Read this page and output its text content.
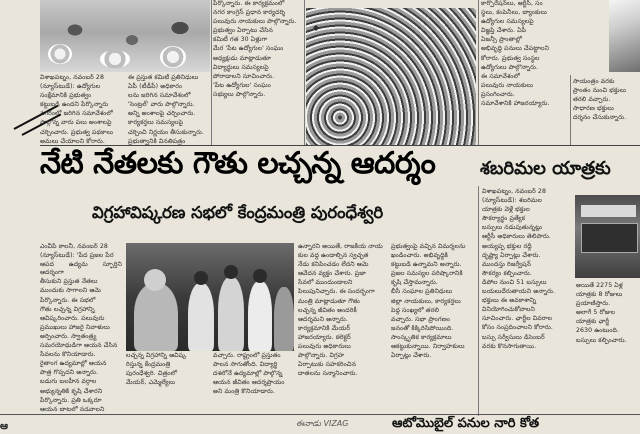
విశాఖపట్నం, నవంబర్ 28

(న్యూస్‌టుడే): ఉద్యోగుల

సంక్షేమానికి ప్రభుత్వం

కట్టుబడి ఉందని పేర్కొన్నారు

నగరంలో జరిగిన సమావేశంలో

పాల్గొన్న వారు పలు అంశాలపై

చర్చించారు. ప్రభుత్వ పథకాలు

అమలు చేయాలని కోరారు.

పేర్కొన్నారు. ఈ కార్యక్రమంలో

నగర కాంగ్రెస్ ప్రధాన కార్యదర్శి

పలువురు నాయకులు పాల్గొన్నారు.

ప్రభుత్వం ఏర్పాటు చేసిన

కమిటీ గత 30 ఏళ్లుగా

మేర 'పేట ఉద్యోగుల' సంఘం

అధ్యక్షుడు మాట్లాడుతూ

విద్యార్థులు సమస్యలపై

పోరాడాలని సూచించారు.

'పేట ఉద్యోగుల' సంఘం

సభ్యులు పాల్గొన్నారు.

ఈ ప్రస్తుత కమిటీ ప్రతినిధులు

ఏపీ (టీడీపీ) అధికారం

లను జరిగిన సమావేశంలో

'సెంట్రల్' వారు పాల్గొన్నారు.

అన్ని అంశాలపై చర్చించారు.

కార్యకర్తలు సమస్యలపై

చర్చించి నిర్ణయం తీసుకున్నారు.

ప్రభుత్వానికి వినతిపత్రం

కార్పొరేషన్‌లు, ఆర్టీసీ, సం

స్థలు, కంపెనీలు, బ్యాంకులు

ఉద్యోగుల సమస్యలపై

విజ్ఞప్తి చేశారు. ఏపీ

ఏజన్సీ ప్రాంతాల్లో

అభివృద్ధి పనులు చేపట్టాలని

కోరారు. ప్రభుత్వ సంస్థల

ఉద్యోగులు పాల్గొన్నారు.

ఈ సమావేశంలో

పలువురు నాయకులు

ప్రసంగించారు.

సమావేశానికి హాజరయ్యారు.

సాయంత్రం వరకు

ప్రాంతం నుంచి భక్తులు

తరలి వచ్చారు.

సాధారణ భక్తులు

దర్శనం చేసుకున్నారు.

నేటి నేతలకు గౌతు లచ్చన్న ఆదర్శం
విగ్రహావిష్కరణ సభలో కేంద్రమంత్రి పురంధేశ్వరి
శబరిమల యాత్రకు

ఎంవీపీ కాలనీ, నవంబర్ 28

(న్యూస్‌టుడే): 'పేద ప్రజల పేర

ఆపద ఉద్యమ స్ఫూర్తిని ఆదర్శంగా

తీసుకుని ప్రస్తుత నేతలు

ముందుకు సాగాలని ఆమె

పేర్కొన్నారు. ఈ సభలో

గౌతు లచ్చన్న విగ్రహాన్ని

ఆవిష్కరించారు. పలువురు

ప్రముఖులు హాజరై నివాళులు

అర్పించారు. స్వాతంత్ర్య

సమరయోధుడిగా ఆయన చేసిన

సేవలను కొనియాడారు.

రైతాంగ ఉద్యమాల్లో ఆయన

పాత్ర గొప్పదని అన్నారు.

బడుగు బలహీన వర్గాల

అభ్యున్నతికి కృషి చేశారని

పేర్కొన్నారు. ప్రతి ఒక్కరూ

ఆయన బాటలో నడవాలని

లచ్చన్న విగ్రహాన్ని ఆవిష్క

రిస్తున్న కేంద్రమంత్రి

పురంధేశ్వరి. చిత్రంలో

మేయర్, ఎమ్మెల్యేలు

వచ్చారు. రాష్ట్రంలో ప్రస్తుతం

పాలన సాగుతోంది. విద్యార్థి

దశలోనే ఉద్యమాల్లో పాల్గొన్న

ఆయన జీవితం ఆదర్శప్రాయం

అని మంత్రి కొనియాడారు.

ఉన్నారని అయితే, రాజకీయ నాయ

కుల వద్ద ఉండాల్సిన స్వచ్ఛత

నేడు కనిపించడం లేదని ఆమె

ఆవేదన వ్యక్తం చేశారు. ప్రజా

సేవలో ముందుండాలని

పిలుపునిచ్చారు. ఈ సందర్భంగా

మంత్రి మాట్లాడుతూ గౌతు

లచ్చన్న జీవితం అందరికీ

ఆదర్శమని అన్నారు.

కార్యక్రమానికి మేయర్

హాజరయ్యారు. కలెక్టర్

పలువురు అధికారులు

పాల్గొన్నారు. విగ్రహ

ఏర్పాటుకు సహకరించిన

దాతలను సన్మానించారు.

ప్రభుత్వంపై వచ్చిన విమర్శలను

ఖండించారు. అభివృద్ధికి

కట్టుబడి ఉన్నామని అన్నారు.

ప్రజల సమస్యల పరిష్కారానికి

కృషి చేస్తామన్నారు.

బీసీ సంఘాల ప్రతినిధులు

జిల్లా నాయకులు, కార్యకర్తలు

పెద్ద సంఖ్యలో తరలి

వచ్చారు. సభా ప్రాంగణం

జనంతో కిక్కిరిసిపోయింది.

సాంస్కృతిక కార్యక్రమాలు

ఆకట్టుకున్నాయి. నిర్వాహకులు

ఏర్పాట్లు చేశారు.

విశాఖపట్నం, నవంబర్ 28

(న్యూస్‌టుడే): శబరిమల

యాత్రకు వెళ్లే భక్తుల

సౌకర్యార్థం ప్రత్యేక

బస్సులు నడుపుతున్నట్లు

ఆర్టీసీ అధికారులు తెలిపారు.

అయ్యప్ప భక్తుల రద్దీ

దృష్ట్యా ఏర్పాట్లు చేశారు.

ముందస్తు రిజర్వేషన్

సౌకర్యం కల్పించారు.

డిపోల నుంచి 51 బస్సులు

బయలుదేరుతాయని అన్నారు.

భక్తులు ఈ అవకాశాన్ని

వినియోగించుకోవాలని

సూచించారు. ఛార్జీల వివరాల

కోసం సంప్రదించాలని కోరారు.

బస్సు సర్వీసులు డిసెంబర్

వరకు కొనసాగుతాయి.

అయితే 2275 ఏళ్ల

యాత్రకు 8 రోజులు

ప్రయాణిస్తారు.

అలాగే 5 రోజుల

యాత్రకు ఛార్జీ

2630 ఉంటుంది.

బస్సులు కల్పించారు.

ఆ	ఈనాడు VIZAG	ఆటోమొబైల్ పనుల నారి కోత
